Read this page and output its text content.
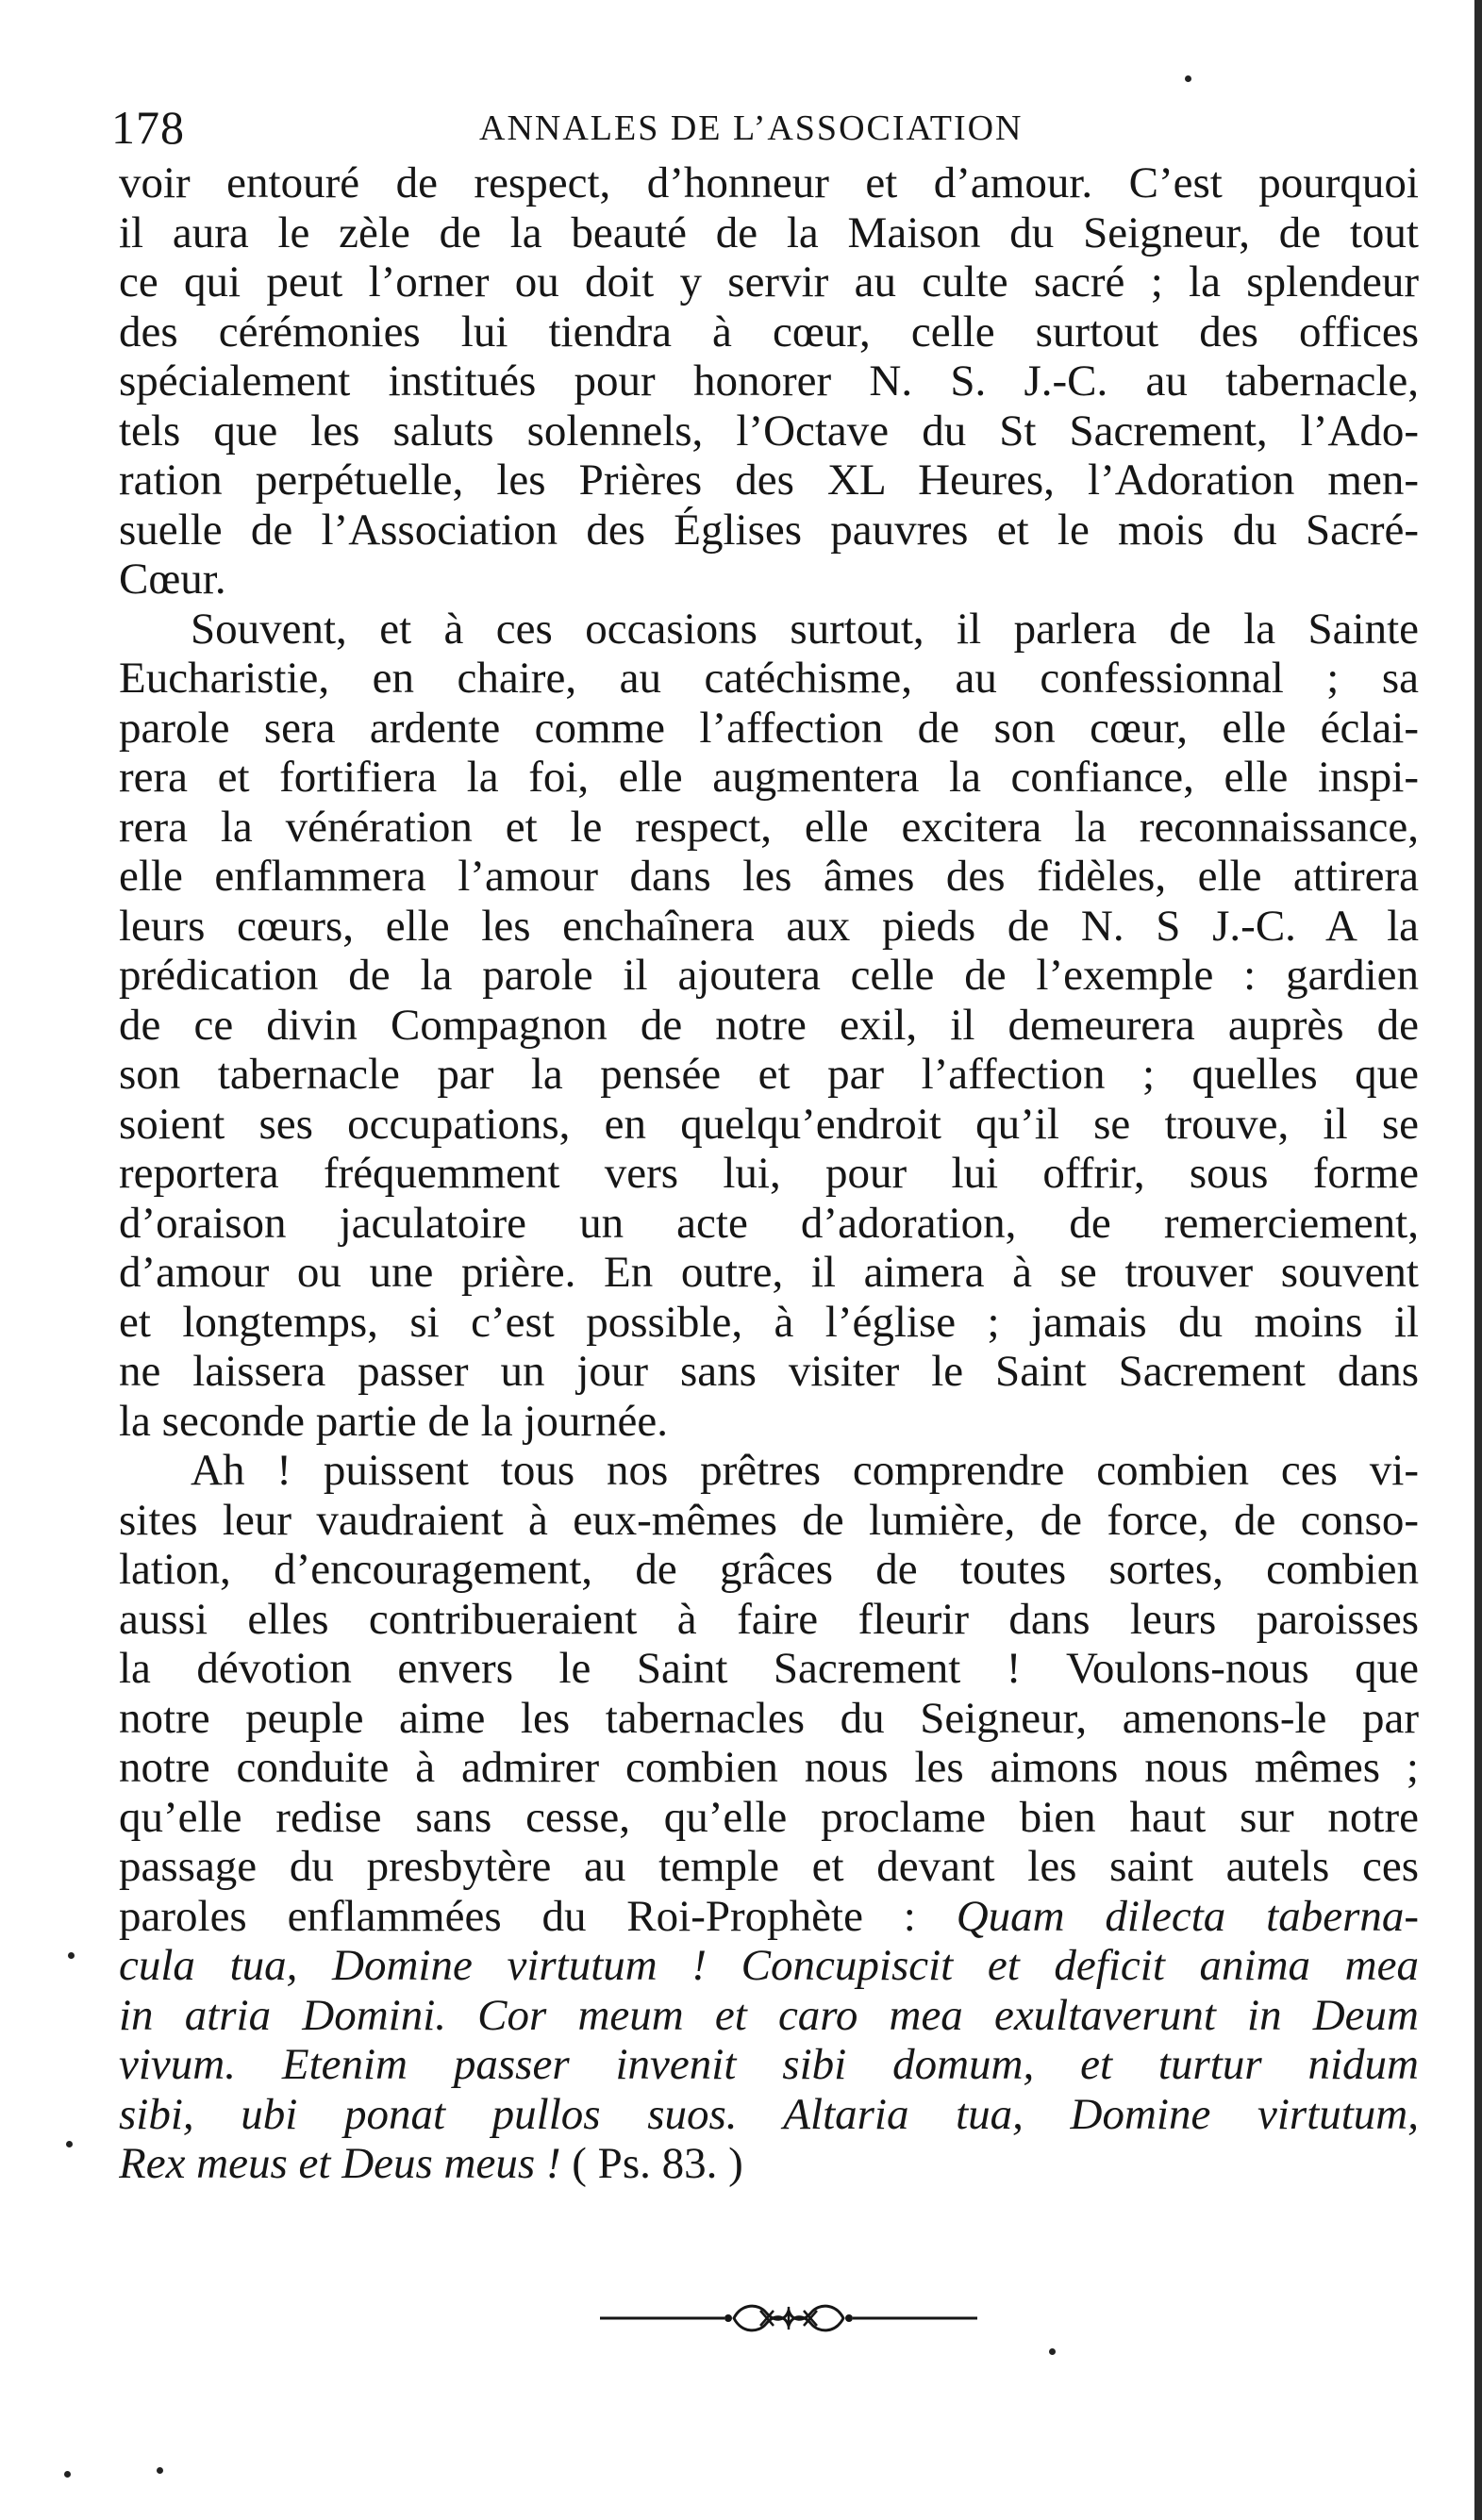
178	ANNALES DE L’ASSOCIATION
voir entouré de respect, d’honneur et d’amour. C’est pourquoi
il aura le zèle de la beauté de la Maison du Seigneur, de tout
ce qui peut l’orner ou doit y servir au culte sacré ; la splendeur
des cérémonies lui tiendra à cœur, celle surtout des offices
spécialement institués pour honorer N. S. J.-C. au tabernacle,
tels que les saluts solennels, l’Octave du St Sacrement, l’Ado-
ration perpétuelle, les Prières des XL Heures, l’Adoration men-
suelle de l’Association des Églises pauvres et le mois du Sacré-
Cœur.
Souvent, et à ces occasions surtout, il parlera de la Sainte
Eucharistie, en chaire, au catéchisme, au confessionnal ; sa
parole sera ardente comme l’affection de son cœur, elle éclai-
rera et fortifiera la foi, elle augmentera la confiance, elle inspi-
rera la vénération et le respect, elle excitera la reconnaissance,
elle enflammera l’amour dans les âmes des fidèles, elle attirera
leurs cœurs, elle les enchaînera aux pieds de N. S J.-C. A la
prédication de la parole il ajoutera celle de l’exemple : gardien
de ce divin Compagnon de notre exil, il demeurera auprès de
son tabernacle par la pensée et par l’affection ; quelles que
soient ses occupations, en quelqu’endroit qu’il se trouve, il se
reportera fréquemment vers lui, pour lui offrir, sous forme
d’oraison jaculatoire un acte d’adoration, de remerciement,
d’amour ou une prière. En outre, il aimera à se trouver souvent
et longtemps, si c’est possible, à l’église ; jamais du moins il
ne laissera passer un jour sans visiter le Saint Sacrement dans
la seconde partie de la journée.
Ah ! puissent tous nos prêtres comprendre combien ces vi-
sites leur vaudraient à eux-mêmes de lumière, de force, de conso-
lation, d’encouragement, de grâces de toutes sortes, combien
aussi elles contribueraient à faire fleurir dans leurs paroisses
la dévotion envers le Saint Sacrement ! Voulons-nous que
notre peuple aime les tabernacles du Seigneur, amenons-le par
notre conduite à admirer combien nous les aimons nous mêmes ;
qu’elle redise sans cesse, qu’elle proclame bien haut sur notre
passage du presbytère au temple et devant les saint autels ces
paroles enflammées du Roi-Prophète : Quam dilecta taberna-
cula tua, Domine virtutum ! Concupiscit et deficit anima mea
in atria Domini. Cor meum et caro mea exultaverunt in Deum
vivum. Etenim passer invenit sibi domum, et turtur nidum
sibi, ubi ponat pullos suos. Altaria tua, Domine virtutum,
Rex meus et Deus meus ! ( Ps. 83. )
